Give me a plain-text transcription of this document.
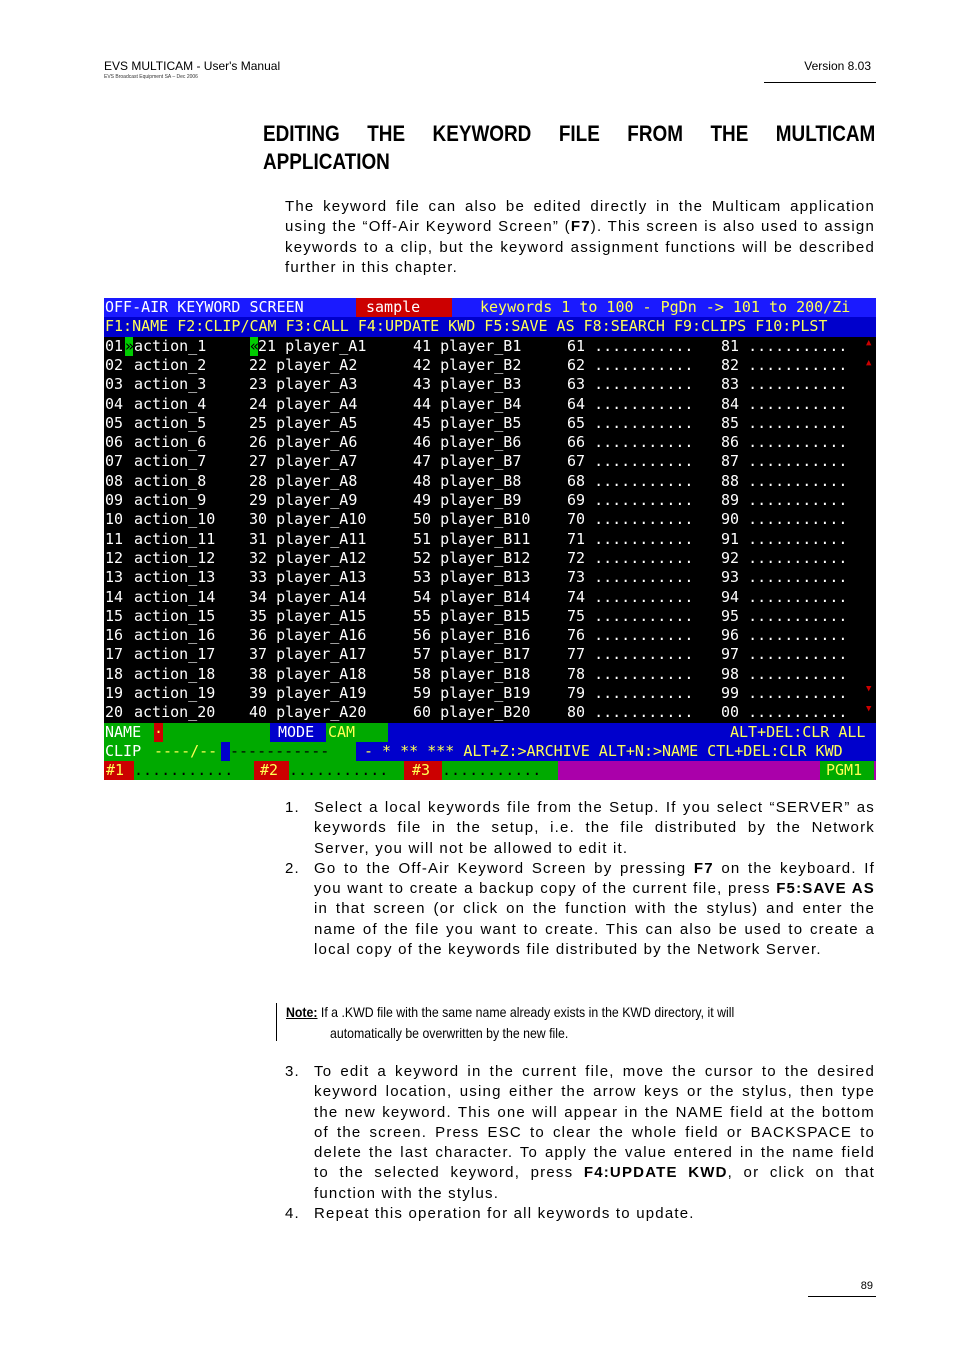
EVS MULTICAM - User's Manual
EVS Broadcast Equipment SA – Dec 2006
Version 8.03
EDITING THE KEYWORD FILE FROM THE MULTICAM
APPLICATION

The keyword file can also be edited directly in the Multicam application using the “Off-Air Keyword Screen” (F7). This screen is also used to assign keywords to a clip, but the keyword assignment functions will be described further in this chapter.

OFF-AIR KEYWORD SCREEN

	sample

	keywords 1 to 100 - PgDn -> 101 to 200/Zi

F1:NAME F2:CLIP/CAM F3:CALL F4:UPDATE KWD F5:SAVE AS F8:SEARCH F9:CLIPS F10:PLST

01 action_1	21 player_A1	41 player_B1	61 ........... 81 ...........
»	«
02 action_2	22 player_A2	42 player_B2	62 ........... 82 ...........
03 action_3	23 player_A3	43 player_B3	63 ........... 83 ...........
04 action_4	24 player_A4	44 player_B4	64 ........... 84 ...........
05 action_5	25 player_A5	45 player_B5	65 ........... 85 ...........
06 action_6	26 player_A6	46 player_B6	66 ........... 86 ...........
07 action_7	27 player_A7	47 player_B7	67 ........... 87 ...........
08 action_8	28 player_A8	48 player_B8	68 ........... 88 ...........
09 action_9	29 player_A9	49 player_B9	69 ........... 89 ...........
10 action_10 30 player_A10	50 player_B10 70 ........... 90 ...........
11 action_11 31 player_A11	51 player_B11 71 ........... 91 ...........
12 action_12 32 player_A12	52 player_B12 72 ........... 92 ...........
13 action_13 33 player_A13	53 player_B13 73 ........... 93 ...........
14 action_14 34 player_A14	54 player_B14 74 ........... 94 ...........
15 action_15 35 player_A15	55 player_B15 75 ........... 95 ...........
16 action_16 36 player_A16	56 player_B16 76 ........... 96 ...........
17 action_17 37 player_A17	57 player_B17 77 ........... 97 ...........
18 action_18 38 player_A18	58 player_B18 78 ........... 98 ...........
19 action_19 39 player_A19	59 player_B19 79 ........... 99 ...........
20 action_20 40 player_A20	60 player_B20 80 ........... 00 ...........
▲
▲
▼
▼

NAME

·

	MODE

CAM

	ALT+DEL:CLR ALL

CLIP

----/--

-----------

- * ** *** ALT+Z:>ARCHIVE ALT+N:>NAME CTL+DEL:CLR KWD

#1

...........

	#2

...........

	#3

...........

	PGM1

1. Select a local keywords file from the Setup. If you select “SERVER” as keywords file in the setup, i.e. the file distributed by the Network Server, you will not be allowed to edit it.
2. Go to the Off-Air Keyword Screen by pressing F7 on the keyboard. If you want to create a backup copy of the current file, press F5:SAVE AS in that screen (or click on the function with the stylus) and enter the name of the file you want to create. This can also be used to create a local copy of the keywords file distributed by the Network Server.
Note: If a .KWD file with the same name already exists in the KWD directory, it will
automatically be overwritten by the new file.
3. To edit a keyword in the current file, move the cursor to the desired keyword location, using either the arrow keys or the stylus, then type the new keyword. This one will appear in the NAME field at the bottom of the screen. Press ESC to clear the whole field or BACKSPACE to delete the last character. To apply the value entered in the name field to the selected keyword, press F4:UPDATE KWD, or click on that function with the stylus.
4. Repeat this operation for all keywords to update.
89
